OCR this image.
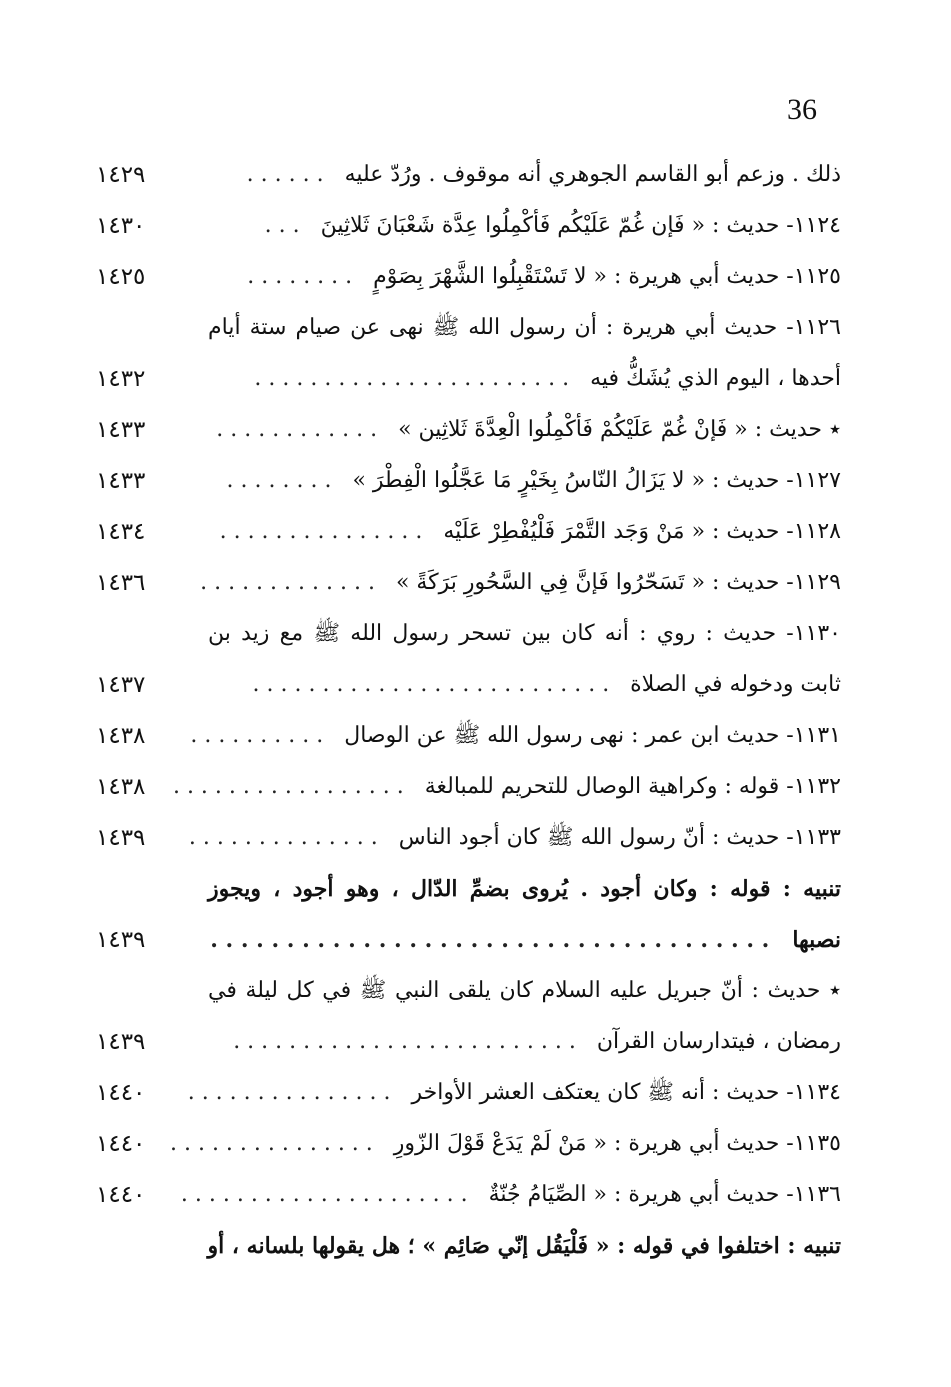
36
١٤٢٩	ذلك . وزعم أبو القاسم الجوهري أنه موقوف . ورُدّ عليه   . . . . . .
١٤٣٠	١١٢٤- حديث : « فَإن غُمّ عَلَيْكُم فَأكْمِلُوا عِدَّة شَعْبَانَ ثَلاثِينَ   . . .
١٤٢٥	١١٢٥- حديث أبي هريرة : « لا تَسْتَقْبِلُوا الشَّهْرَ بِصَوْمٍ   . . . . . . . .
١١٢٦- حديث أبي هريرة : أن رسول الله ﷺ نهى عن صيام ستة أيام
١٤٣٢	أحدها ، اليوم الذي يُشَكُّ فيه   . . . . . . . . . . . . . . . . . . . . . . .
١٤٣٣	٭ حديث : « فَإنْ غُمّ عَلَيْكُمْ فَأكْمِلُوا الْعِدَّةَ ثَلاثِين »   . . . . . . . . . . . .
١٤٣٣	١١٢٧- حديث : « لا يَزَالُ النّاسُ بِخَيْرٍ مَا عَجَّلُوا الْفِطْرَ »   . . . . . . . .
١٤٣٤	١١٢٨- حديث : « مَنْ وَجَد التَّمْرَ فَلْيُفْطِرْ عَلَيْه   . . . . . . . . . . . . . . .
١٤٣٦	١١٢٩- حديث : « تَسَحّرُوا فَإنَّ فِي السَّحُورِ بَرَكَةً »   . . . . . . . . . . . . .
١١٣٠- حديث : روي : أنه كان بين تسحر رسول الله ﷺ مع زيد بن
١٤٣٧	ثابت ودخوله في الصلاة   . . . . . . . . . . . . . . . . . . . . . . . . . .
١٤٣٨	١١٣١- حديث ابن عمر : نهى رسول الله ﷺ عن الوصال   . . . . . . . . . .
١٤٣٨	١١٣٢- قوله : وكراهية الوصال للتحريم للمبالغة   . . . . . . . . . . . . . . . . .
١٤٣٩	١١٣٣- حديث : أنّ رسول الله ﷺ كان أجود الناس   . . . . . . . . . . . . . .
تنبيه : قوله : وكان أجود . يُروى بضمِّ الدّال ، وهو أجود ، ويجوز
١٤٣٩	نصبها   . . . . . . . . . . . . . . . . . . . . . . . . . . . . . . . . . . . . .
٭ حديث : أنّ جبريل عليه السلام كان يلقى النبي ﷺ في كل ليلة في
١٤٣٩	رمضان ، فيتدارسان القرآن   . . . . . . . . . . . . . . . . . . . . . . . . .
١٤٤٠	١١٣٤- حديث : أنه ﷺ كان يعتكف العشر الأواخر   . . . . . . . . . . . . . . .
١٤٤٠	١١٣٥- حديث أبي هريرة : « مَنْ لَمْ يَدَعْ قَوْلَ الزّورِ   . . . . . . . . . . . . . . .
١٤٤٠	١١٣٦- حديث أبي هريرة : « الصِّيَامُ جُنّةٌ   . . . . . . . . . . . . . . . . . . . . .
تنبيه : اختلفوا في قوله : « فَلْيَقُل إنّي صَائِم » ؛ هل يقولها بلسانه ، أو
